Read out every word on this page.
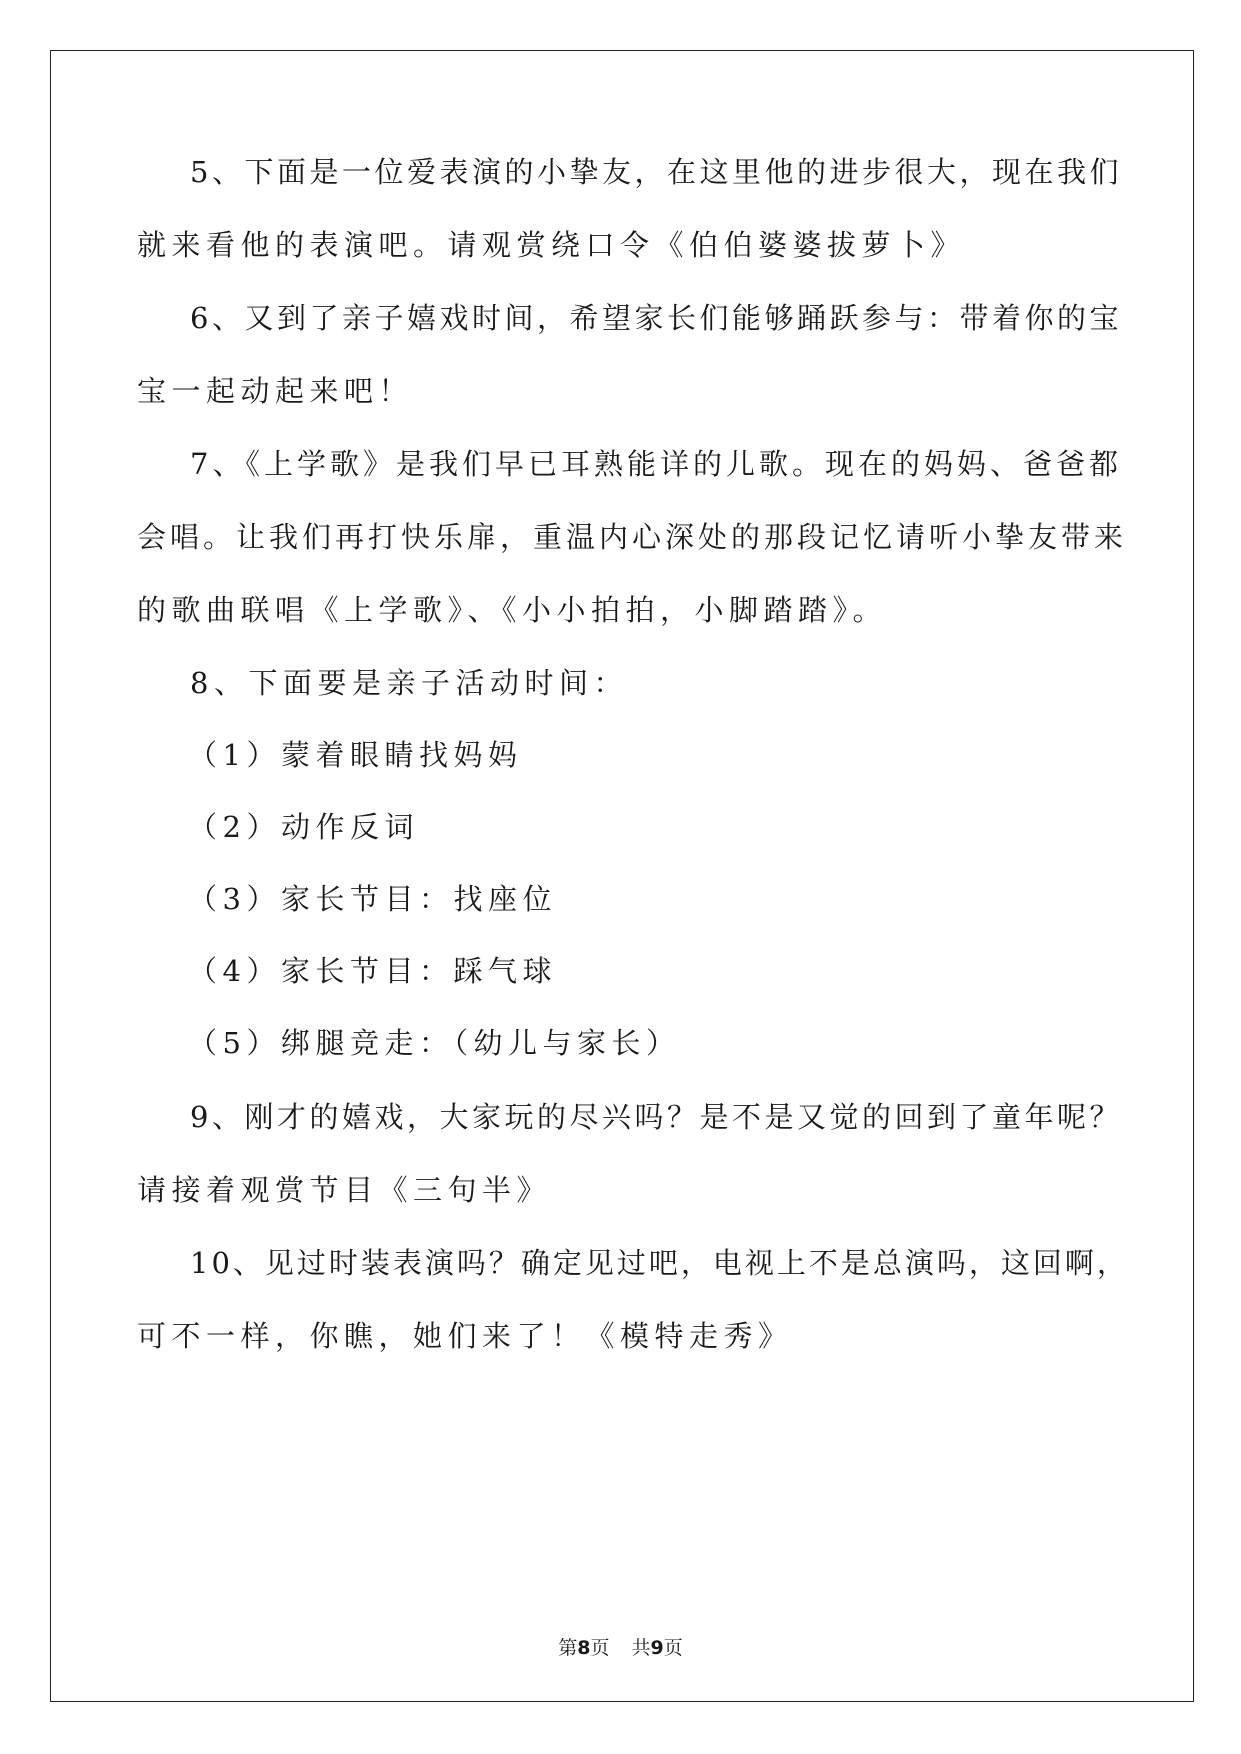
5、下面是一位爱表演的小挚友，在这里他的进步很大，现在我们
就来看他的表演吧。请观赏绕口令《伯伯婆婆拔萝卜》
6、又到了亲子嬉戏时间，希望家长们能够踊跃参与：带着你的宝
宝一起动起来吧！
7、《上学歌》是我们早已耳熟能详的儿歌。现在的妈妈、爸爸都
会唱。让我们再打快乐扉，重温内心深处的那段记忆请听小挚友带来
的歌曲联唱《上学歌》、《小小拍拍，小脚踏踏》。
8、下面要是亲子活动时间：
（1）蒙着眼睛找妈妈
（2）动作反词
（3）家长节目：找座位
（4）家长节目：踩气球
（5）绑腿竞走：（幼儿与家长）
9、刚才的嬉戏，大家玩的尽兴吗？是不是又觉的回到了童年呢？
请接着观赏节目《三句半》
10、见过时装表演吗？确定见过吧，电视上不是总演吗，这回啊，
可不一样，你瞧，她们来了！《模特走秀》
第8页 共9页
